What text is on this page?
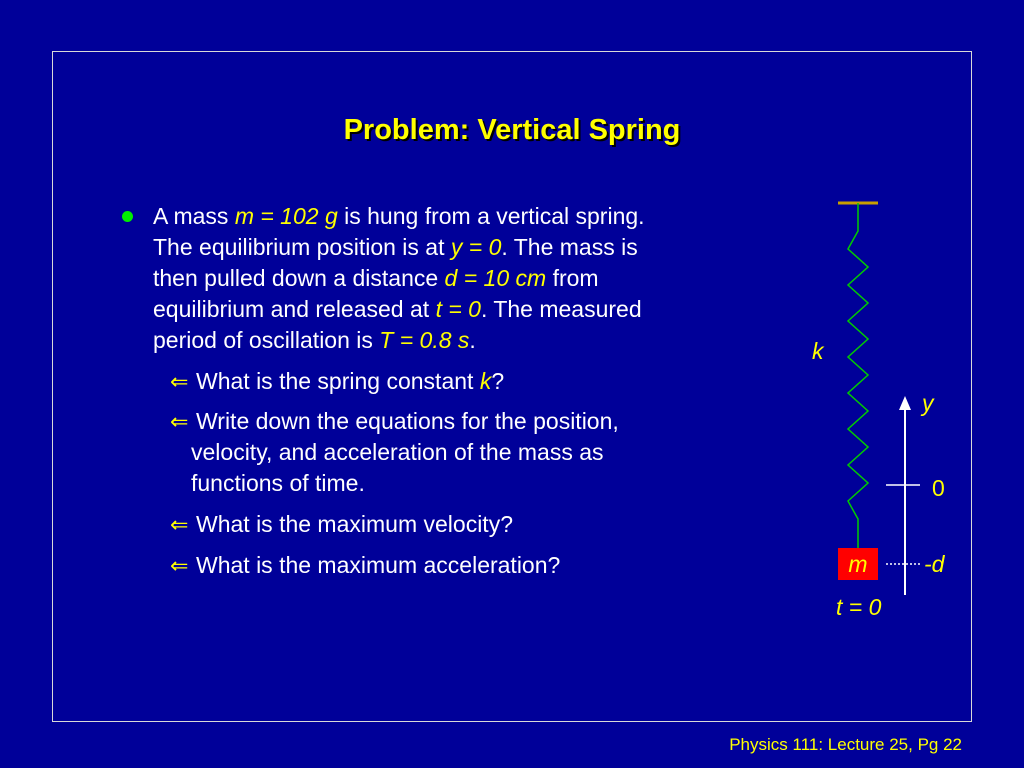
Problem: Vertical Spring
A mass m = 102 g is hung from a vertical spring.
The equilibrium position is at y = 0. The mass is
then pulled down a distance d = 10 cm from
equilibrium and released at t = 0. The measured
period of oscillation is T = 0.8 s.
⇐ What is the spring constant k?
⇐ Write down the equations for the position,
velocity, and acceleration of the mass as
functions of time.
⇐ What is the maximum velocity?
⇐ What is the maximum acceleration?
k
y
0
-d
m
t = 0
Physics 111: Lecture 25, Pg 22
